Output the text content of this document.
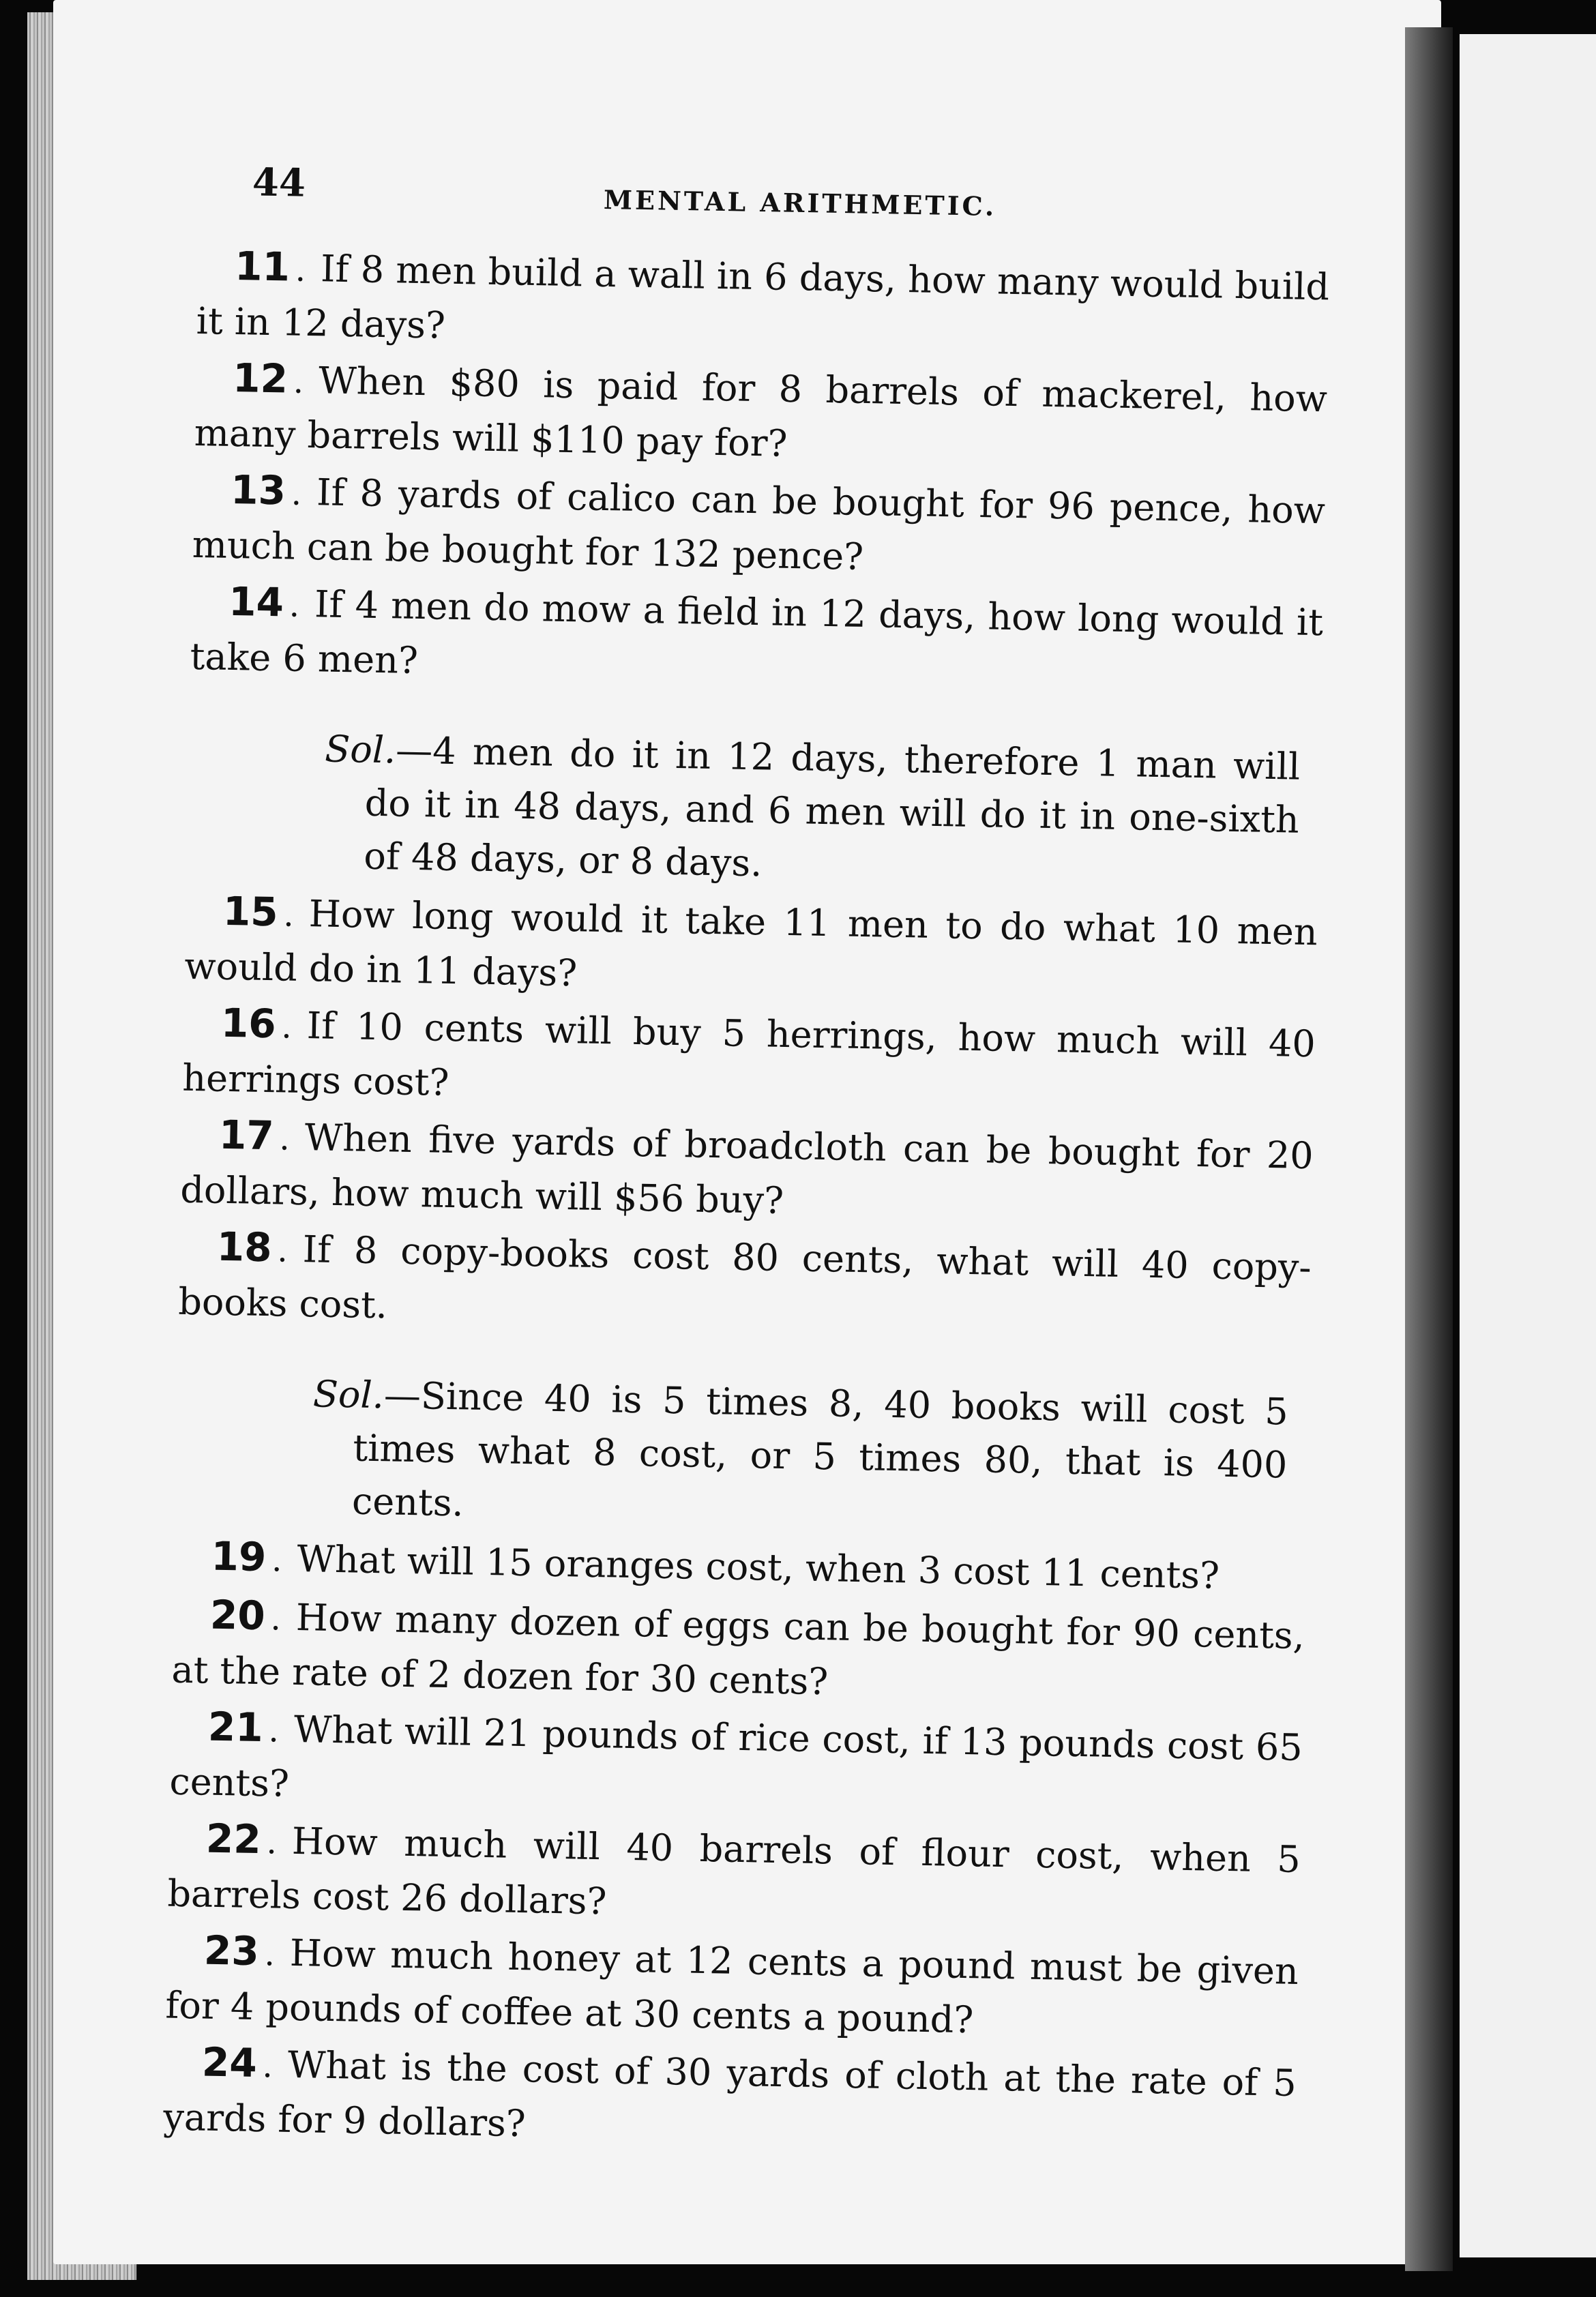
44	MENTAL ARITHMETIC.

11 . If 8 men build a wall in 6 days, how many would build it in 12 days?

12 . When $80 is paid for 8 barrels of mackerel, how many barrels will $110 pay for?

13 . If 8 yards of calico can be bought for 96 pence, how much can be bought for 132 pence?

14 . If 4 men do mow a field in 12 days, how long would it take 6 men?

Sol.—4 men do it in 12 days, therefore 1 man will do it in 48 days, and 6 men will do it in one-sixth of 48 days, or 8 days.

15 . How long would it take 11 men to do what 10 men would do in 11 days?

16 . If 10 cents will buy 5 herrings, how much will 40 herrings cost?

17 . When five yards of broadcloth can be bought for 20 dollars, how much will $56 buy?

18 . If 8 copy-books cost 80 cents, what will 40 copy-books cost.

Sol.—Since 40 is 5 times 8, 40 books will cost 5 times what 8 cost, or 5 times 80, that is 400 cents.

19 . What will 15 oranges cost, when 3 cost 11 cents?

20 . How many dozen of eggs can be bought for 90 cents, at the rate of 2 dozen for 30 cents?

21 . What will 21 pounds of rice cost, if 13 pounds cost 65 cents?

22 . How much will 40 barrels of flour cost, when 5 barrels cost 26 dollars?

23 . How much honey at 12 cents a pound must be given for 4 pounds of coffee at 30 cents a pound?

24 . What is the cost of 30 yards of cloth at the rate of 5 yards for 9 dollars?
